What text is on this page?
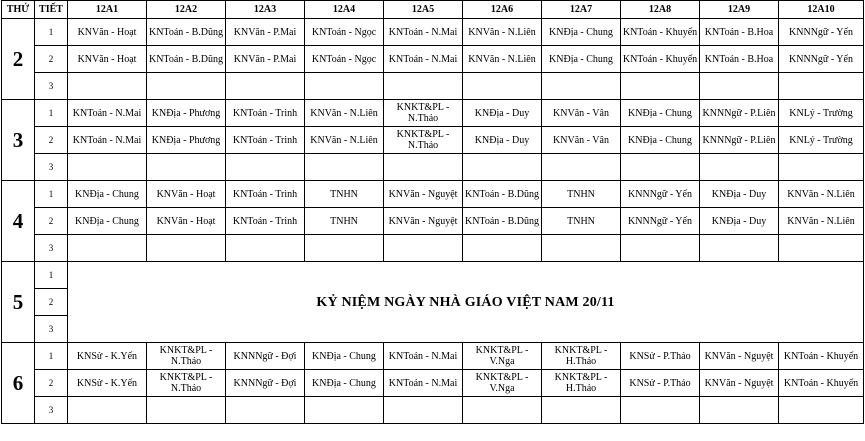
THỨ	TIẾT	12A1	12A2	12A3	12A4	12A5	12A6	12A7	12A8	12A9	12A10
2	1	KNVăn - Hoạt	KNToán - B.Dũng	KNVăn - P.Mai	KNToán - Ngọc	KNToán - N.Mai	KNVăn - N.Liên	KNĐịa - Chung	KNToán - Khuyến	KNToán - B.Hoa	KNNNgữ - Yến
	2	KNVăn - Hoạt	KNToán - B.Dũng	KNVăn - P.Mai	KNToán - Ngọc	KNToán - N.Mai	KNVăn - N.Liên	KNĐịa - Chung	KNToán - Khuyến	KNToán - B.Hoa	KNNNgữ - Yến
	3										
3	1	KNToán - N.Mai	KNĐịa - Phương	KNToán - Trinh	KNVăn - N.Liên	KNKT&PL - N.Thảo	KNĐịa - Duy	KNVăn - Vân	KNĐịa - Chung	KNNNgữ - P.Liên	KNLý - Trường
	2	KNToán - N.Mai	KNĐịa - Phương	KNToán - Trinh	KNVăn - N.Liên	KNKT&PL - N.Thảo	KNĐịa - Duy	KNVăn - Vân	KNĐịa - Chung	KNNNgữ - P.Liên	KNLý - Trường
	3										
4	1	KNĐịa - Chung	KNVăn - Hoạt	KNToán - Trinh	TNHN	KNVăn - Nguyệt	KNToán - B.Dũng	TNHN	KNNNgữ - Yến	KNĐịa - Duy	KNVăn - N.Liên
	2	KNĐịa - Chung	KNVăn - Hoạt	KNToán - Trinh	TNHN	KNVăn - Nguyệt	KNToán - B.Dũng	TNHN	KNNNgữ - Yến	KNĐịa - Duy	KNVăn - N.Liên
	3										
5	1	KỶ NIỆM NGÀY NHÀ GIÁO VIỆT NAM 20/11									
	2										
	3										
6	1	KNSử - K.Yến	KNKT&PL - N.Thảo	KNNNgữ - Đợi	KNĐịa - Chung	KNToán - N.Mai	KNKT&PL - V.Nga	KNKT&PL - H.Thảo	KNSử - P.Thảo	KNVăn - Nguyệt	KNToán - Khuyến
	2	KNSử - K.Yến	KNKT&PL - N.Thảo	KNNNgữ - Đợi	KNĐịa - Chung	KNToán - N.Mai	KNKT&PL - V.Nga	KNKT&PL - H.Thảo	KNSử - P.Thảo	KNVăn - Nguyệt	KNToán - Khuyến
	3										
